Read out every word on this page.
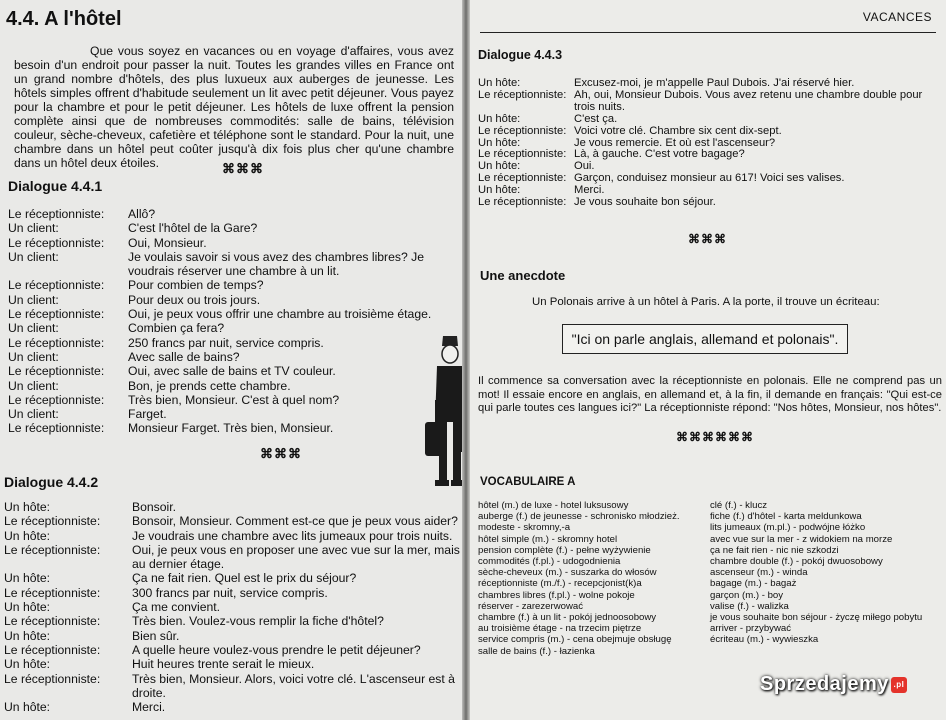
4.4. A l'hôtel

Que vous soyez en vacances ou en voyage d'affaires, vous avez besoin d'un endroit pour passer la nuit. Toutes les grandes villes en France ont un grand nombre d'hôtels, des plus luxueux aux auberges de jeunesse. Les hôtels simples offrent d'habitude seulement un lit avec petit déjeuner. Vous payez pour la chambre et pour le petit déjeuner. Les hôtels de luxe offrent la pension complète ainsi que de nombreuses commodités: salle de bains, télévision couleur, sèche-cheveux, cafetière et téléphone sont le standard. Pour la nuit, une chambre dans un hôtel peut coûter jusqu'à dix fois plus cher qu'une chambre dans un hôtel deux étoiles.	⌘⌘⌘
Dialogue 4.4.1
Le réceptionniste:	Allô?
Un client:	C'est l'hôtel de la Gare?
Le réceptionniste:	Oui, Monsieur.
Un client:	Je voulais savoir si vous avez des chambres libres? Je voudrais réserver une chambre à un lit.
Le réceptionniste:	Pour combien de temps?
Un client:	Pour deux ou trois jours.
Le réceptionniste:	Oui, je peux vous offrir une chambre au troisième étage.
Un client:	Combien ça fera?
Le réceptionniste:	250 francs par nuit, service compris.
Un client:	Avec salle de bains?
Le réceptionniste:	Oui, avec salle de bains et TV couleur.
Un client:	Bon, je prends cette chambre.
Le réceptionniste:	Très bien, Monsieur. C'est à quel nom?
Un client:	Farget.
Le réceptionniste:	Monsieur Farget. Très bien, Monsieur.
⌘⌘⌘
Dialogue 4.4.2
Un hôte:	Bonsoir.
Le réceptionniste:	Bonsoir, Monsieur. Comment est-ce que je peux vous aider?
Un hôte:	Je voudrais une chambre avec lits jumeaux pour trois nuits.
Le réceptionniste:	Oui, je peux vous en proposer une avec vue sur la mer, mais au dernier étage.
Un hôte:	Ça ne fait rien. Quel est le prix du séjour?
Le réceptionniste:	300 francs par nuit, service compris.
Un hôte:	Ça me convient.
Le réceptionniste:	Très bien. Voulez-vous remplir la fiche d'hôtel?
Un hôte:	Bien sûr.
Le réceptionniste:	A quelle heure voulez-vous prendre le petit déjeuner?
Un hôte:	Huit heures trente serait le mieux.
Le réceptionniste:	Très bien, Monsieur. Alors, voici votre clé. L'ascenseur est à droite.
Un hôte:	Merci.
VACANCES
Dialogue 4.4.3
Un hôte:	Excusez-moi, je m'appelle Paul Dubois. J'ai réservé hier.
Le réceptionniste: Ah, oui, Monsieur Dubois. Vous avez retenu une chambre double pour trois nuits.
Un hôte:	C'est ça.
Le réceptionniste: Voici votre clé. Chambre six cent dix-sept.
Un hôte:	Je vous remercie. Et où est l'ascenseur?
Le réceptionniste: Là, à gauche. C'est votre bagage?
Un hôte:	Oui.
Le réceptionniste: Garçon, conduisez monsieur au 617! Voici ses valises.
Un hôte:	Merci.
Le réceptionniste: Je vous souhaite bon séjour.
⌘⌘⌘
Une anecdote
Un Polonais arrive à un hôtel à Paris. A la porte, il trouve un écriteau:
"Ici on parle anglais, allemand et polonais".
Il commence sa conversation avec la réceptionniste en polonais. Elle ne comprend pas un mot! Il essaie encore en anglais, en allemand et, à la fin, il demande en français: "Qui est-ce qui parle toutes ces langues ici?" La réceptionniste répond: "Nos hôtes, Monsieur, nos hôtes".
⌘⌘⌘⌘⌘⌘
VOCABULAIRE A
hôtel (m.) de luxe - hotel luksusowy
auberge (f.) de jeunesse - schronisko młodzież.
modeste - skromny,-a
hôtel simple (m.) - skromny hotel
pension complète (f.) - pełne wyżywienie
commodités (f.pl.) - udogodnienia
sèche-cheveux (m.) - suszarka do włosów
réceptionniste (m./f.) - recepcjonist(k)a
chambres libres (f.pl.) - wolne pokoje
réserver - zarezerwować
chambre (f.) à un lit - pokój jednoosobowy
au troisième étage - na trzecim piętrze
service compris (m.) - cena obejmuje obsługę
salle de bains (f.) - łazienka
clé (f.) - klucz
fiche (f.) d'hôtel - karta meldunkowa
lits jumeaux (m.pl.) - podwójne łóżko
avec vue sur la mer - z widokiem na morze
ça ne fait rien - nic nie szkodzi
chambre double (f.) - pokój dwuosobowy
ascenseur (m.) - winda
bagage (m.) - bagaż
garçon (m.) - boy
valise (f.) - walizka
je vous souhaite bon séjour - życzę miłego pobytu
arriver - przybywać
écriteau (m.) - wywieszka
Sprzedajemy .pl
